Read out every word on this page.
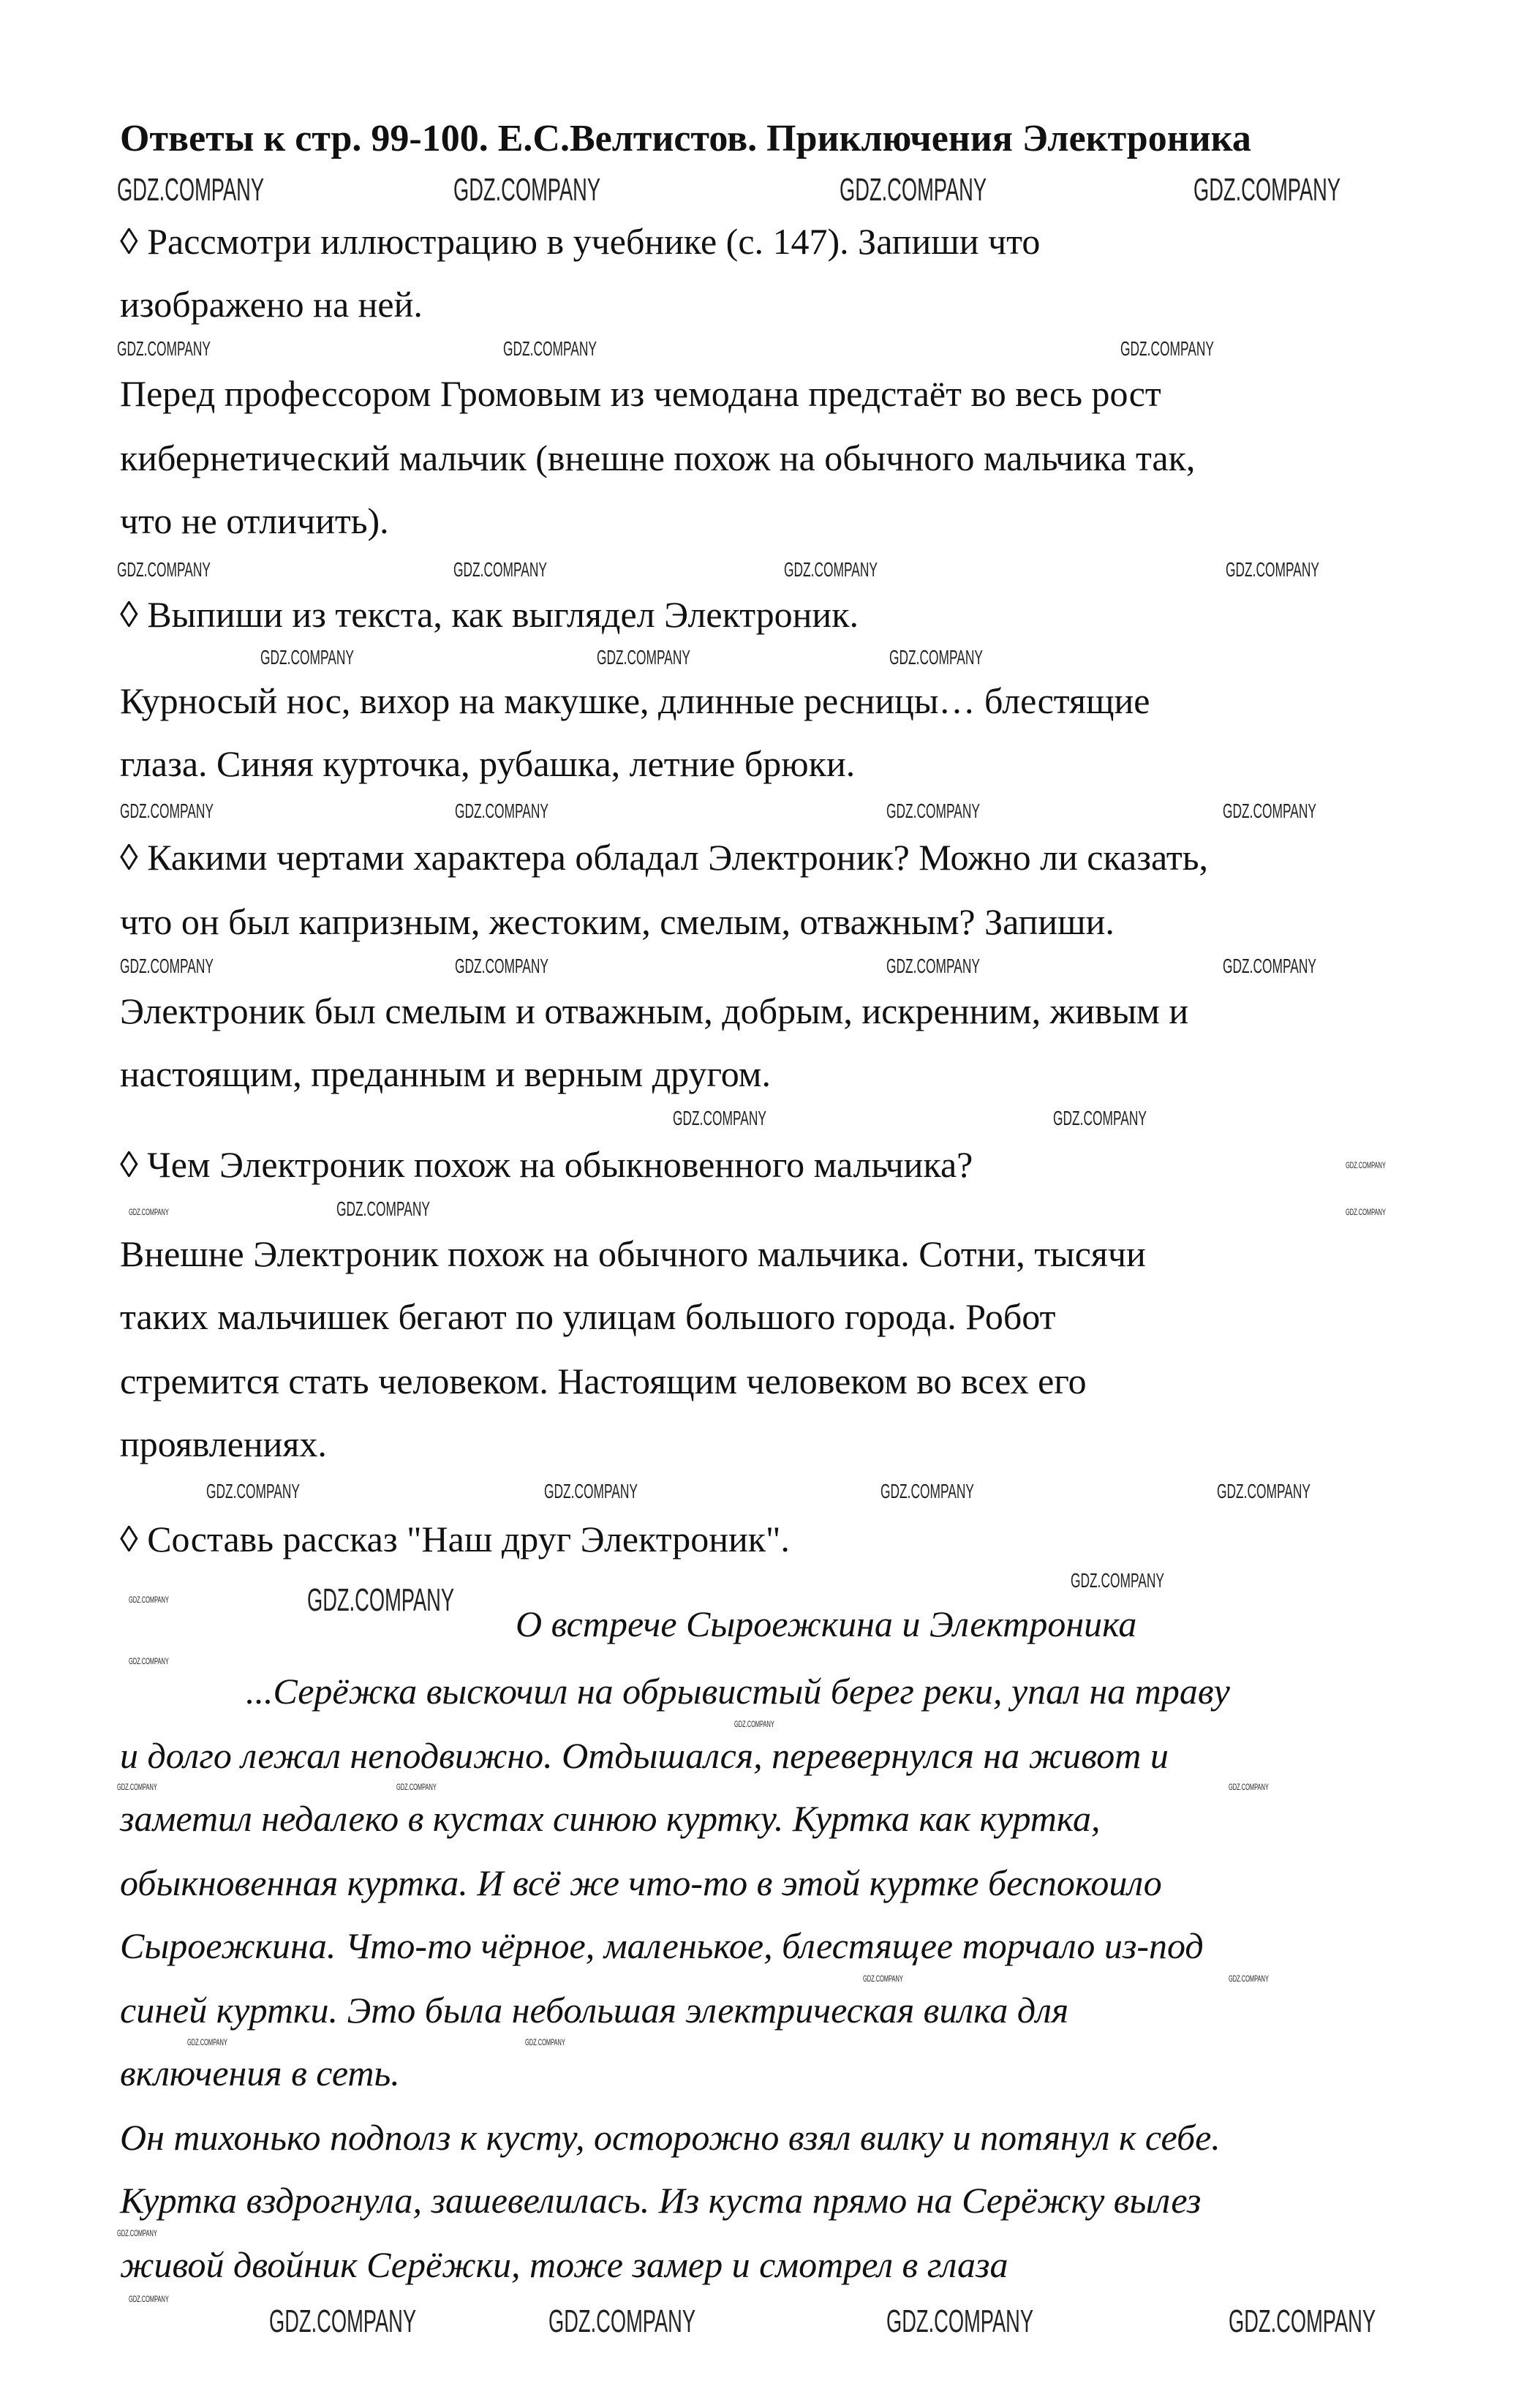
Ответы к стр. 99-100. Е.С.Велтистов. Приключения Электроника
◊ Рассмотри иллюстрацию в учебнике (с. 147). Запиши что
изображено на ней.
Перед профессором Громовым из чемодана предстаёт во весь рост
кибернетический мальчик (внешне похож на обычного мальчика так,
что не отличить).
◊ Выпиши из текста, как выглядел Электроник.
Курносый нос, вихор на макушке, длинные ресницы… блестящие
глаза. Синяя курточка, рубашка, летние брюки.
◊ Какими чертами характера обладал Электроник? Можно ли сказать,
что он был капризным, жестоким, смелым, отважным? Запиши.
Электроник был смелым и отважным, добрым, искренним, живым и
настоящим, преданным и верным другом.
◊ Чем Электроник похож на обыкновенного мальчика?
Внешне Электроник похож на обычного мальчика. Сотни, тысячи
таких мальчишек бегают по улицам большого города. Робот
стремится стать человеком. Настоящим человеком во всех его
проявлениях.
◊ Составь рассказ "Наш друг Электроник".
О встрече Сыроежкина и Электроника
...Серёжка выскочил на обрывистый берег реки, упал на траву
и долго лежал неподвижно. Отдышался, перевернулся на живот и
заметил недалеко в кустах синюю куртку. Куртка как куртка,
обыкновенная куртка. И всё же что-то в этой куртке беспокоило
Сыроежкина. Что-то чёрное, маленькое, блестящее торчало из-под
синей куртки. Это была небольшая электрическая вилка для
включения в сеть.
Он тихонько подполз к кусту, осторожно взял вилку и потянул к себе.
Куртка вздрогнула, зашевелилась. Из куста прямо на Серёжку вылез
живой двойник Серёжки, тоже замер и смотрел в глаза
GDZ.COMPANY	GDZ.COMPANY	GDZ.COMPANY	GDZ.COMPANY
GDZ.COMPANY	GDZ.COMPANY	GDZ.COMPANY
GDZ.COMPANY	GDZ.COMPANY	GDZ.COMPANY	GDZ.COMPANY
GDZ.COMPANY	GDZ.COMPANY	GDZ.COMPANY
GDZ.COMPANY	GDZ.COMPANY	GDZ.COMPANY	GDZ.COMPANY
GDZ.COMPANY	GDZ.COMPANY	GDZ.COMPANY	GDZ.COMPANY
GDZ.COMPANY	GDZ.COMPANY
GDZ.COMPANY
GDZ.COMPANY
GDZ.COMPANY
GDZ.COMPANY
GDZ.COMPANY	GDZ.COMPANY	GDZ.COMPANY	GDZ.COMPANY
GDZ.COMPANY	GDZ.COMPANY
GDZ.COMPANY
GDZ.COMPANY
GDZ.COMPANY
GDZ.COMPANY	GDZ.COMPANY	GDZ.COMPANY
GDZ.COMPANY	GDZ.COMPANY
GDZ.COMPANY	GDZ.COMPANY
GDZ.COMPANY	GDZ.COMPANY
GDZ.COMPANY
GDZ.COMPANY	GDZ.COMPANY
GDZ.COMPANY
